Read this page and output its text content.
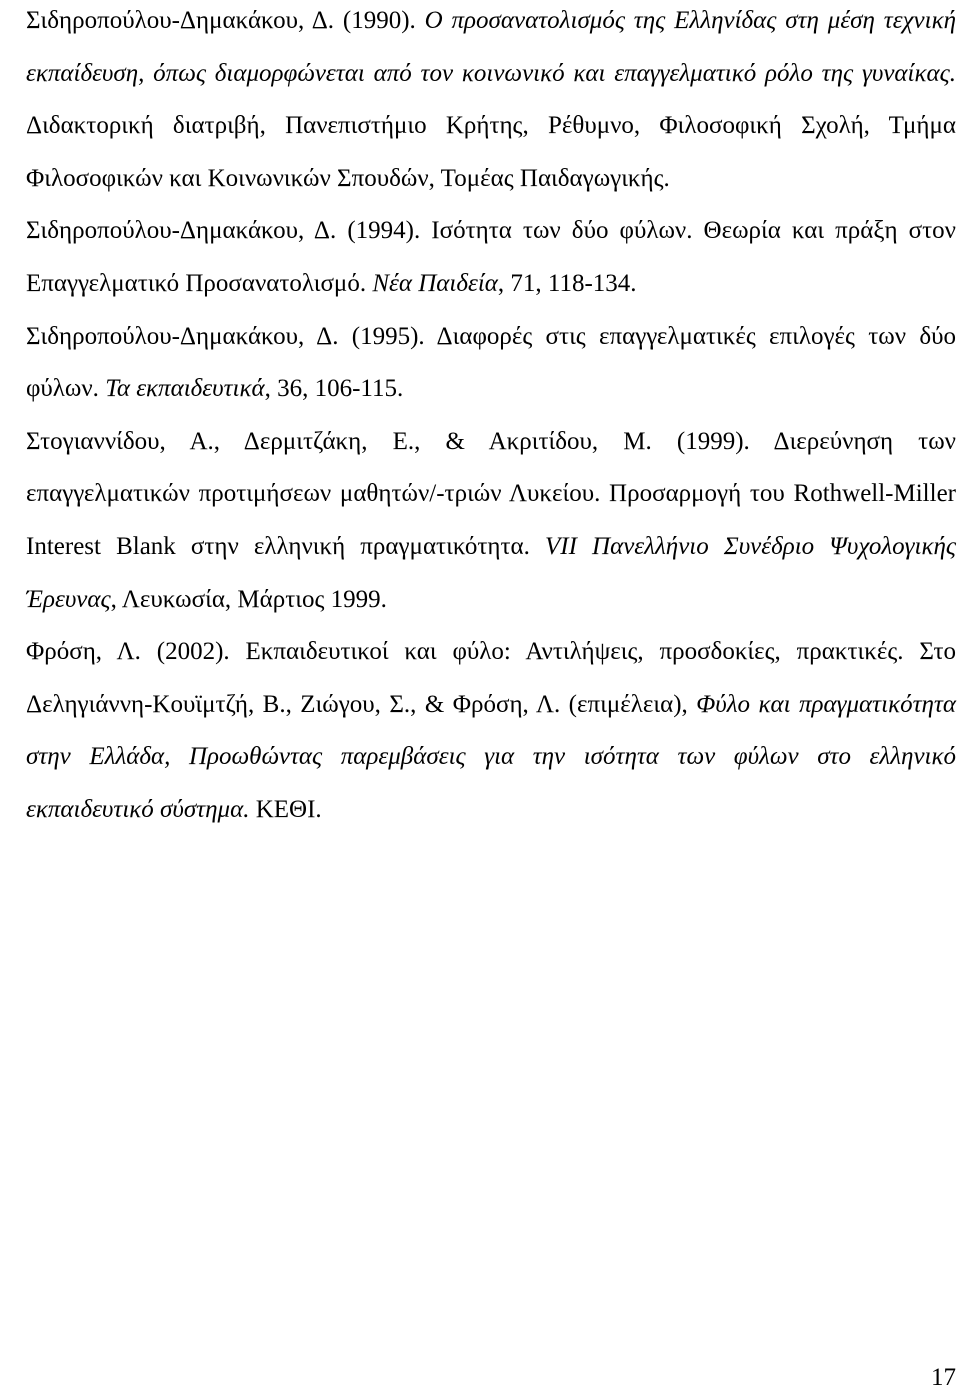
Σιδηροπούλου-Δημακάκου, Δ. (1990). Ο προσανατολισμός της Ελληνίδας στη μέση τεχνική εκπαίδευση, όπως διαμορφώνεται από τον κοινωνικό και επαγγελματικό ρόλο της γυναίκας. Διδακτορική διατριβή, Πανεπιστήμιο Κρήτης, Ρέθυμνο, Φιλοσοφική Σχολή, Τμήμα Φιλοσοφικών και Κοινωνικών Σπουδών, Τομέας Παιδαγωγικής.

Σιδηροπούλου-Δημακάκου, Δ. (1994). Ισότητα των δύο φύλων. Θεωρία και πράξη στον Επαγγελματικό Προσανατολισμό. Νέα Παιδεία, 71, 118-134.

Σιδηροπούλου-Δημακάκου, Δ. (1995). Διαφορές στις επαγγελματικές επιλογές των δύο φύλων. Τα εκπαιδευτικά, 36, 106-115.

Στογιαννίδου, Α., Δερμιτζάκη, Ε., & Ακριτίδου, Μ. (1999). Διερεύνηση των επαγγελματικών προτιμήσεων μαθητών/-τριών Λυκείου. Προσαρμογή του Rothwell-Miller Interest Blank στην ελληνική πραγματικότητα. VII Πανελλήνιο Συνέδριο Ψυχολογικής Έρευνας, Λευκωσία, Μάρτιος 1999.

Φρόση, Λ. (2002). Εκπαιδευτικοί και φύλο: Αντιλήψεις, προσδοκίες, πρακτικές. Στο Δεληγιάννη-Κουϊμτζή, Β., Ζιώγου, Σ., & Φρόση, Λ. (επιμέλεια), Φύλο και πραγματικότητα στην Ελλάδα, Προωθώντας παρεμβάσεις για την ισότητα των φύλων στο ελληνικό εκπαιδευτικό σύστημα. ΚΕΘΙ.

17
